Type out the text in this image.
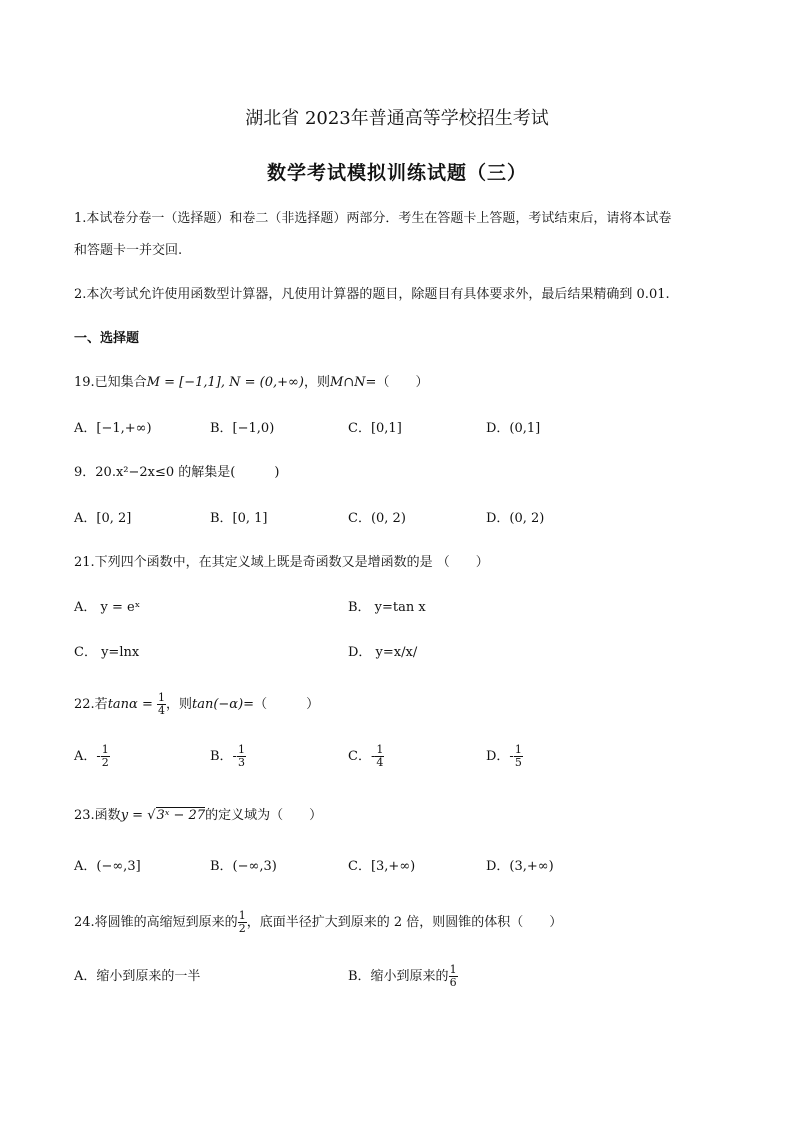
湖北省 2023年普通高等学校招生考试
数学考试模拟训练试题（三）
1.本试卷分卷一（选择题）和卷二（非选择题）两部分．考生在答题卡上答题，考试结束后，请将本试卷
和答题卡一并交回.
2.本次考试允许使用函数型计算器，凡使用计算器的题目，除题目有具体要求外，最后结果精确到 0.01.
一、选择题
19.已知集合M = [−1,1], N = (0,+∞)，则M∩N=（　　）
A．[−1,+∞)	B．[−1,0)	C．[0,1]	D．(0,1]
9．20.x²−2x≤0 的解集是(　　　)
A．[0, 2]	B．[0, 1]	C．(0, 2)	D．(0, 2)
21.下列四个函数中，在其定义域上既是奇函数又是增函数的是 （　　）
A． y = eˣ	B． y=tan x
C． y=lnx	D． y=x/x/
22.若$\tan\alpha = \frac{1}{4}$ ，则tan(−α)=（　　　）
A．- $\frac{1}{2}$	B．- $\frac{1}{3}$	C．- $\frac{1}{4}$	D．- $\frac{1}{5}$
23.函数y = √3ˣ − 27的定义域为（　　）
A．(−∞,3]	B．(−∞,3)	C．[3,+∞)	D．(3,+∞)
24.将圆锥的高缩短到原来的 $\frac{1}{2}$ ，底面半径扩大到原来的 2 倍，则圆锥的体积（　　）
A．缩小到原来的一半	B．缩小到原来的 $\frac{1}{6}$
